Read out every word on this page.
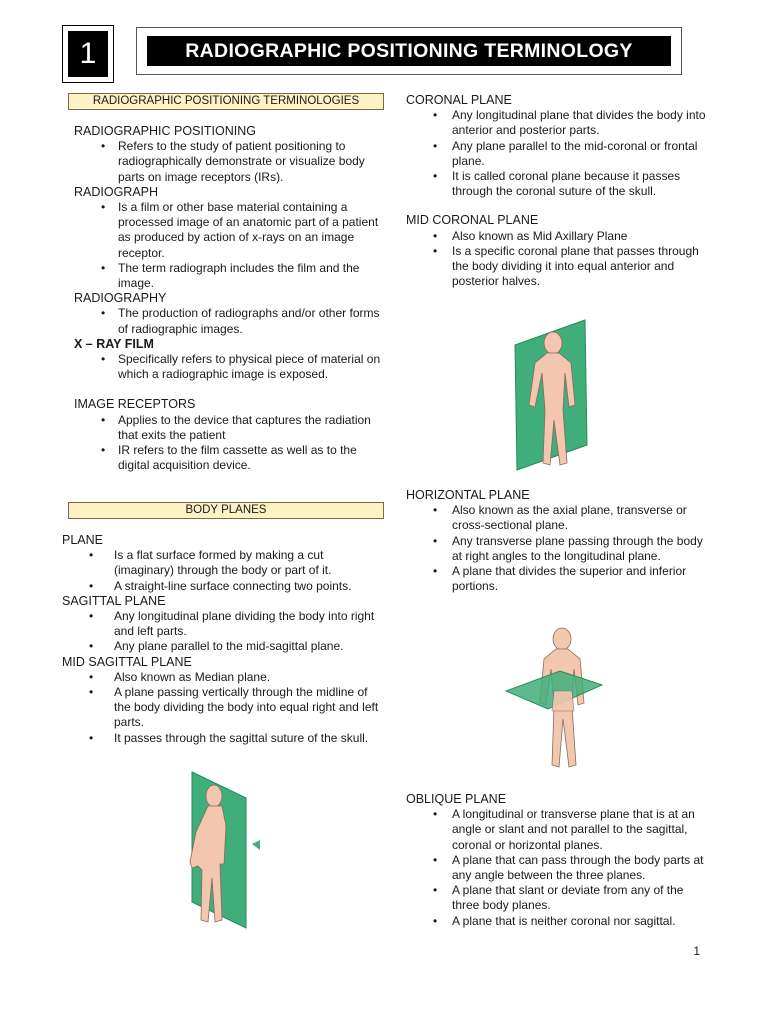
1	RADIOGRAPHIC POSITIONING TERMINOLOGY
RADIOGRAPHIC POSITIONING TERMINOLOGIES
RADIOGRAPHIC POSITIONING
• Refers to the study of patient positioning to radiographically demonstrate or visualize body parts on image receptors (IRs).
RADIOGRAPH
• Is a film or other base material containing a processed image of an anatomic part of a patient as produced by action of x-rays on an image receptor.
• The term radiograph includes the film and the image.
RADIOGRAPHY
• The production of radiographs and/or other forms of radiographic images.
X – RAY FILM
• Specifically refers to physical piece of material on which a radiographic image is exposed.
IMAGE RECEPTORS
• Applies to the device that captures the radiation that exits the patient
• IR refers to the film cassette as well as to the digital acquisition device.
BODY PLANES
PLANE
• Is a flat surface formed by making a cut (imaginary) through the body or part of it.
• A straight-line surface connecting two points.
SAGITTAL PLANE
• Any longitudinal plane dividing the body into right and left parts.
• Any plane parallel to the mid-sagittal plane.
MID SAGITTAL PLANE
• Also known as Median plane.
• A plane passing vertically through the midline of the body dividing the body into equal right and left parts.
• It passes through the sagittal suture of the skull.
CORONAL PLANE
• Any longitudinal plane that divides the body into anterior and posterior parts.
• Any plane parallel to the mid-coronal or frontal plane.
• It is called coronal plane because it passes through the coronal suture of the skull.
MID CORONAL PLANE
• Also known as Mid Axillary Plane
• Is a specific coronal plane that passes through the body dividing it into equal anterior and posterior halves.
HORIZONTAL PLANE
• Also known as the axial plane, transverse or cross-sectional plane.
• Any transverse plane passing through the body at right angles to the longitudinal plane.
• A plane that divides the superior and inferior portions.
OBLIQUE PLANE
• A longitudinal or transverse plane that is at an angle or slant and not parallel to the sagittal, coronal or horizontal planes.
• A plane that can pass through the body parts at any angle between the three planes.
• A plane that slant or deviate from any of the three body planes.
• A plane that is neither coronal nor sagittal.
1
